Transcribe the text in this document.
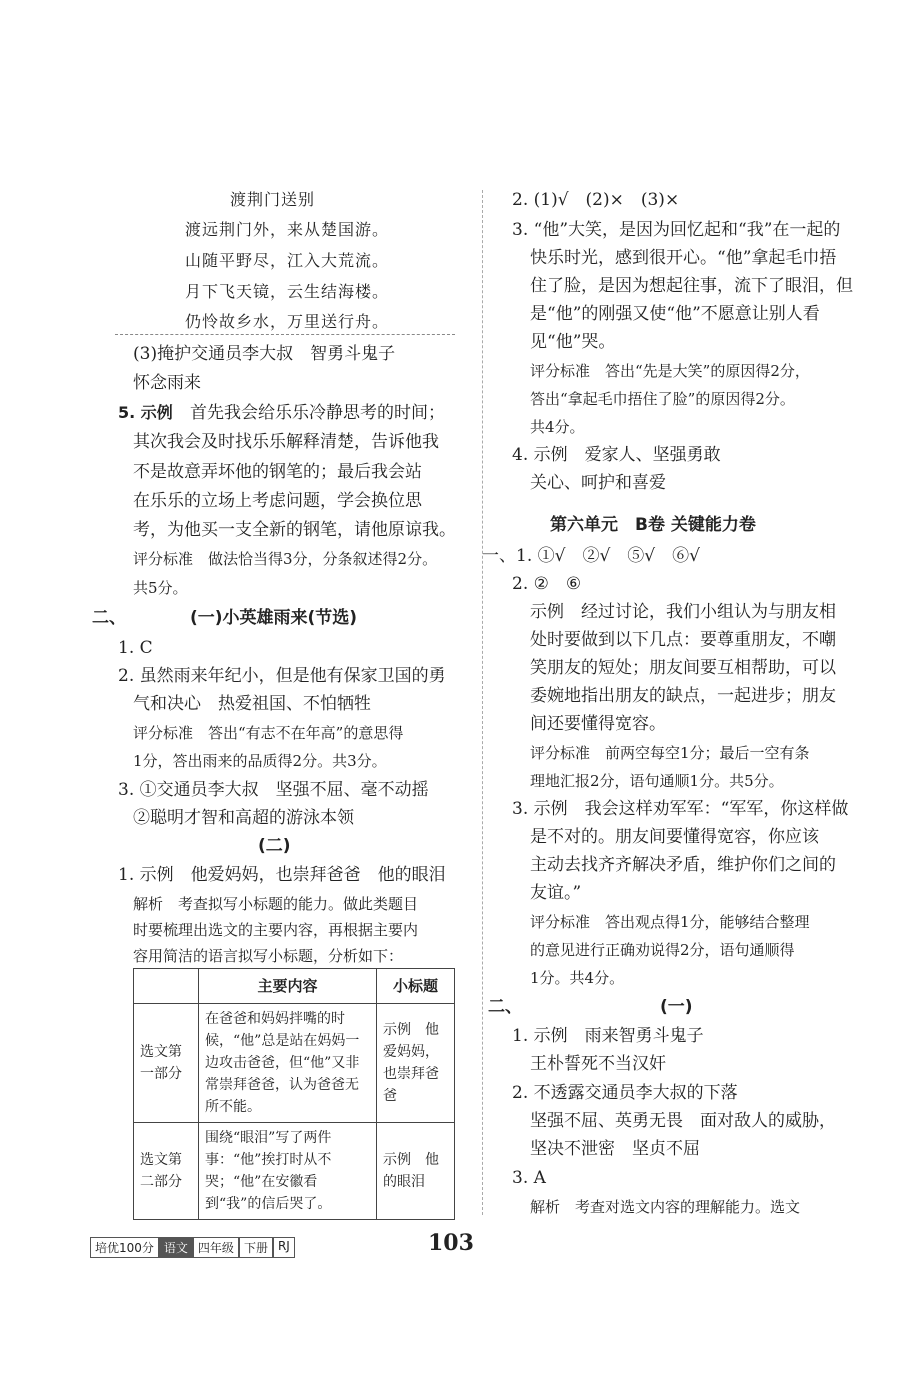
渡荆门送别
渡远荆门外，来从楚国游。
山随平野尽，江入大荒流。
月下飞天镜，云生结海楼。
仍怜故乡水，万里送行舟。
(3)掩护交通员李大叔　智勇斗鬼子
怀念雨来
5. 示例 首先我会给乐乐冷静思考的时间；
其次我会及时找乐乐解释清楚，告诉他我
不是故意弄坏他的钢笔的；最后我会站
在乐乐的立场上考虑问题，学会换位思
考，为他买一支全新的钢笔，请他原谅我。
评分标准　做法恰当得3分，分条叙述得2分。
共5分。
二、	(一)小英雄雨来(节选)
1. C
2. 虽然雨来年纪小，但是他有保家卫国的勇
气和决心　热爱祖国、不怕牺牲
评分标准　答出“有志不在年高”的意思得
1分，答出雨来的品质得2分。共3分。
3. ①交通员李大叔　坚强不屈、毫不动摇
②聪明才智和高超的游泳本领
(二)
1. 示例　他爱妈妈，也崇拜爸爸　他的眼泪
解析　考查拟写小标题的能力。做此类题目
时要梳理出选文的主要内容，再根据主要内
容用简洁的语言拟写小标题，分析如下：
	主要内容	小标题
选文第一部分	在爸爸和妈妈拌嘴的时候，“他”总是站在妈妈一边攻击爸爸，但“他”又非常崇拜爸爸，认为爸爸无所不能。	示例　他爱妈妈，也崇拜爸爸
选文第二部分	围绕“眼泪”写了两件事：“他”挨打时从不哭；“他”在安徽看到“我”的信后哭了。	示例　他的眼泪
2. (1)√　(2)×　(3)×
3. “他”大笑，是因为回忆起和“我”在一起的
快乐时光，感到很开心。“他”拿起毛巾捂
住了脸，是因为想起往事，流下了眼泪，但
是“他”的刚强又使“他”不愿意让别人看
见“他”哭。
评分标准　答出“先是大笑”的原因得2分，
答出“拿起毛巾捂住了脸”的原因得2分。
共4分。
4. 示例　爱家人、坚强勇敢
关心、呵护和喜爱
第六单元　B卷 关键能力卷
一、1. ①√　②√　⑤√　⑥√
2. ②　⑥
示例　经过讨论，我们小组认为与朋友相
处时要做到以下几点：要尊重朋友，不嘲
笑朋友的短处；朋友间要互相帮助，可以
委婉地指出朋友的缺点，一起进步；朋友
间还要懂得宽容。
评分标准　前两空每空1分；最后一空有条
理地汇报2分，语句通顺1分。共5分。
3. 示例　我会这样劝军军：“军军，你这样做
是不对的。朋友间要懂得宽容，你应该
主动去找齐齐解决矛盾，维护你们之间的
友谊。”
评分标准　答出观点得1分，能够结合整理
的意见进行正确劝说得2分，语句通顺得
1分。共4分。
二、	(一)
1. 示例　雨来智勇斗鬼子
王朴誓死不当汉奸
2. 不透露交通员李大叔的下落
坚强不屈、英勇无畏　面对敌人的威胁，
坚决不泄密　坚贞不屈
3. A
解析　考查对选文内容的理解能力。选文
培优100分 语文 四年级 下册 RJ	103
